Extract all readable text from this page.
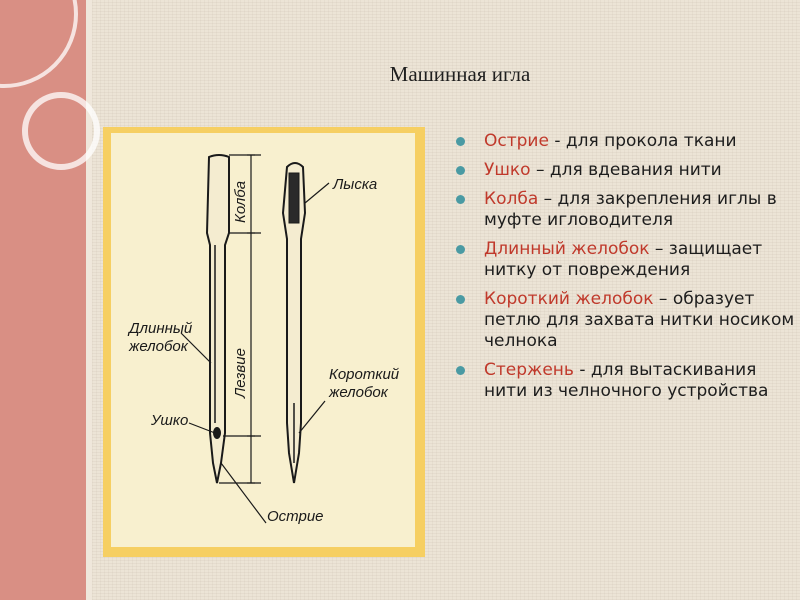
Машинная игла
Колба
Лезвие
Лыска
Длинный
желобок
Короткий
желобок
Ушко
Острие
Острие - для прокола ткани
Ушко – для вдевания нити
Колба – для закрепления иглы в муфте игловодителя
Длинный желобок – защищает нитку от повреждения
Короткий желобок – образует петлю для захвата нитки носиком челнока
Стержень - для вытаскивания нити из челночного устройства
